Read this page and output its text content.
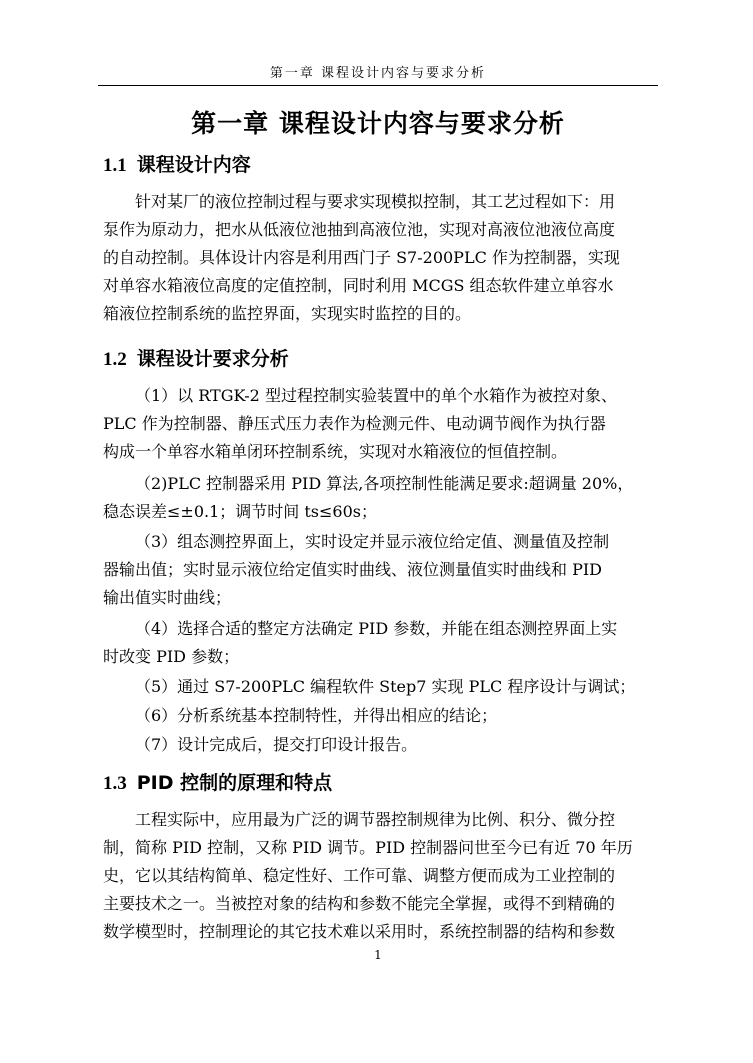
第一章 课程设计内容与要求分析
第一章 课程设计内容与要求分析
1.1 课程设计内容
针对某厂的液位控制过程与要求实现模拟控制，其工艺过程如下：用
泵作为原动力，把水从低液位池抽到高液位池，实现对高液位池液位高度
的自动控制。具体设计内容是利用西门子 S7-200PLC 作为控制器，实现
对单容水箱液位高度的定值控制，同时利用 MCGS 组态软件建立单容水
箱液位控制系统的监控界面，实现实时监控的目的。
1.2 课程设计要求分析
（1）以 RTGK-2 型过程控制实验装置中的单个水箱作为被控对象、
PLC 作为控制器、静压式压力表作为检测元件、电动调节阀作为执行器
构成一个单容水箱单闭环控制系统，实现对水箱液位的恒值控制。
（2)PLC 控制器采用 PID 算法,各项控制性能满足要求:超调量 20%，
稳态误差≤±0.1；调节时间 ts≤60s；
（3）组态测控界面上，实时设定并显示液位给定值、测量值及控制
器输出值；实时显示液位给定值实时曲线、液位测量值实时曲线和 PID
输出值实时曲线；
（4）选择合适的整定方法确定 PID 参数，并能在组态测控界面上实
时改变 PID 参数；
（5）通过 S7-200PLC 编程软件 Step7 实现 PLC 程序设计与调试；
（6）分析系统基本控制特性，并得出相应的结论；
（7）设计完成后，提交打印设计报告。
1.3 PID 控制的原理和特点
工程实际中，应用最为广泛的调节器控制规律为比例、积分、微分控
制，简称 PID 控制，又称 PID 调节。PID 控制器问世至今已有近 70 年历
史，它以其结构简单、稳定性好、工作可靠、调整方便而成为工业控制的
主要技术之一。当被控对象的结构和参数不能完全掌握，或得不到精确的
数学模型时，控制理论的其它技术难以采用时，系统控制器的结构和参数
1
